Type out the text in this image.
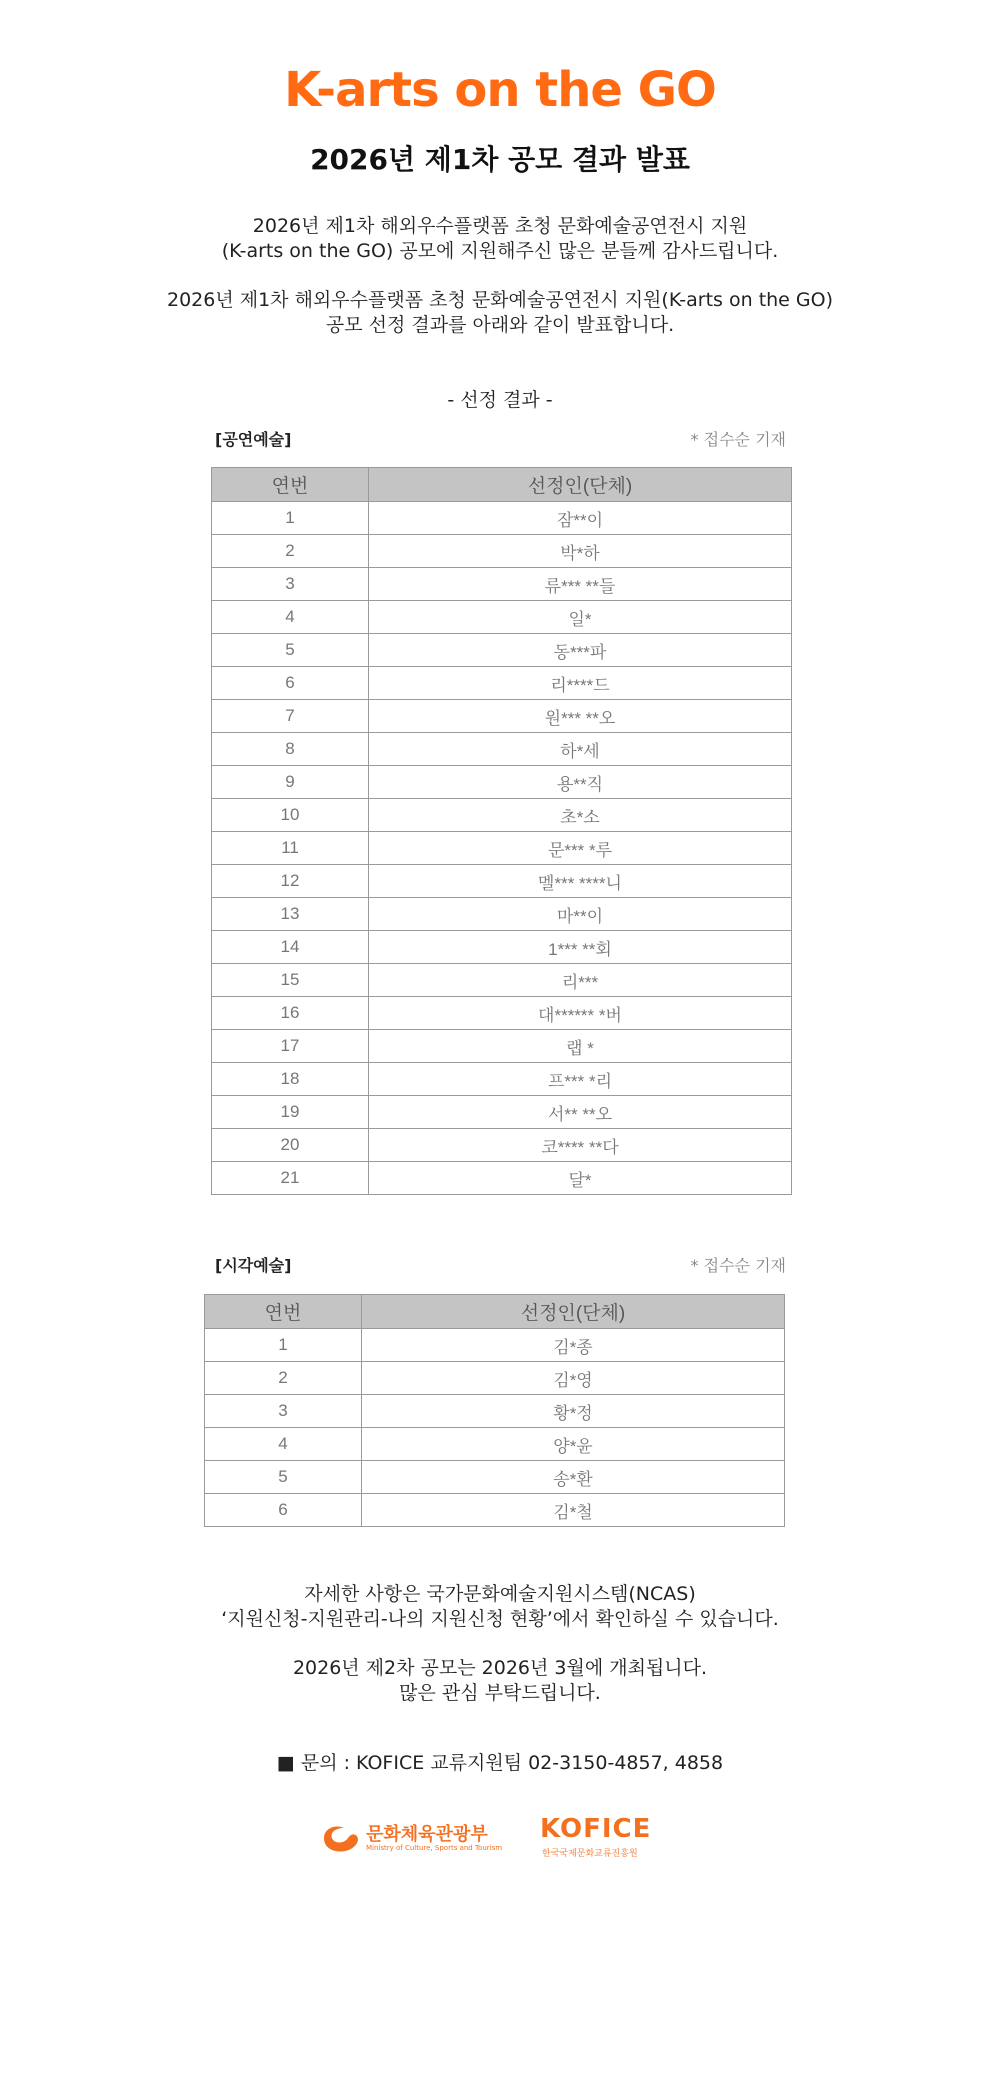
K-arts on the GO
2026년 제1차 공모 결과 발표
2026년 제1차 해외우수플랫폼 초청 문화예술공연전시 지원
(K-arts on the GO) 공모에 지원해주신 많은 분들께 감사드립니다.
2026년 제1차 해외우수플랫폼 초청 문화예술공연전시 지원(K-arts on the GO)
공모 선정 결과를 아래와 같이 발표합니다.
- 선정 결과 -
[공연예술]	* 접수순 기재
연번	선정인(단체)
1	잠**이
2	박*하
3	류*** **들
4	일*
5	동***파
6	리****드
7	원*** **오
8	하*세
9	용**직
10	초*소
11	문*** *루
12	멜*** ****니
13	마**이
14	1*** **회
15	리***
16	대****** *버
17	랩 *
18	프*** *리
19	서** **오
20	코**** **다
21	달*
[시각예술]	* 접수순 기재
연번	선정인(단체)
1	김*종
2	김*영
3	황*정
4	양*윤
5	송*환
6	김*철
자세한 사항은 국가문화예술지원시스템(NCAS)
‘지원신청-지원관리-나의 지원신청 현황’에서 확인하실 수 있습니다.
2026년 제2차 공모는 2026년 3월에 개최됩니다.
많은 관심 부탁드립니다.
■ 문의 : KOFICE 교류지원팀 02-3150-4857, 4858
문화체육관광부
Ministry of Culture, Sports and Tourism
KOFICE
한국국제문화교류진흥원
